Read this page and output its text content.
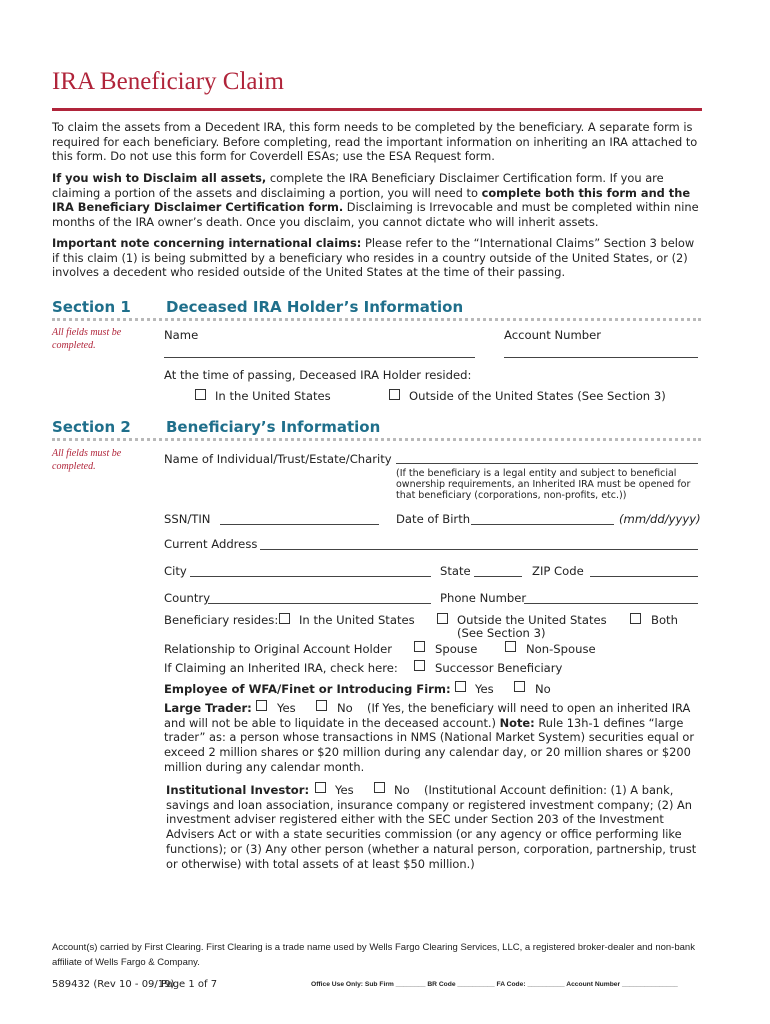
IRA Beneficiary Claim
To claim the assets from a Decedent IRA, this form needs to be completed by the beneficiary. A separate form is required for each beneficiary. Before completing, read the important information on inheriting an IRA attached to this form. Do not use this form for Coverdell ESAs; use the ESA Request form.
If you wish to Disclaim all assets, complete the IRA Beneficiary Disclaimer Certification form. If you are claiming a portion of the assets and disclaiming a portion, you will need to complete both this form and the IRA Beneficiary Disclaimer Certification form. Disclaiming is Irrevocable and must be completed within nine months of the IRA owner’s death. Once you disclaim, you cannot dictate who will inherit assets.
Important note concerning international claims: Please refer to the “International Claims” Section 3 below if this claim (1) is being submitted by a beneficiary who resides in a country outside of the United States, or (2) involves a decedent who resided outside of the United States at the time of their passing.
Section 1 Deceased IRA Holder’s Information
All fields must be completed.
Name	Account Number
At the time of passing, Deceased IRA Holder resided:
In the United States	Outside of the United States (See Section 3)
Section 2 Beneficiary’s Information
All fields must be completed.	Name of Individual/Trust/Estate/Charity
(If the beneficiary is a legal entity and subject to beneficial ownership requirements, an Inherited IRA must be opened for that beneficiary (corporations, non-profits, etc.))
SSN/TIN	Date of Birth	(mm/dd/yyyy)
Current Address
City	State	ZIP Code
Country	Phone Number
Beneficiary resides: In the United States	Outside the United States
(See Section 3)
Both
Relationship to Original Account Holder	Spouse	Non-Spouse
If Claiming an Inherited IRA, check here:	Successor Beneficiary
Employee of WFA/Finet or Introducing Firm: Yes	No
Large Trader: Yes	No	(If Yes, the beneficiary will need to open an inherited IRA and will not be able to liquidate in the deceased account.) Note: Rule 13h-1 defines “large trader” as: a person whose transactions in NMS (National Market System) securities equal or exceed 2 million shares or $20 million during any calendar day, or 20 million shares or $200 million during any calendar month.
Institutional Investor: Yes	No	(Institutional Account definition: (1) A bank, savings and loan association, insurance company or registered investment company; (2) An investment adviser registered either with the SEC under Section 203 of the Investment Advisers Act or with a state securities commission (or any agency or office performing like functions); or (3) Any other person (whether a natural person, corporation, partnership, trust or otherwise) with total assets of at least $50 million.)
Account(s) carried by First Clearing. First Clearing is a trade name used by Wells Fargo Clearing Services, LLC, a registered broker-dealer and non-bank affiliate of Wells Fargo & Company.
589432 (Rev 10 - 09/19)
Page 1 of 7	Office Use Only: Sub Firm ________ BR Code __________ FA Code: __________ Account Number _______________
